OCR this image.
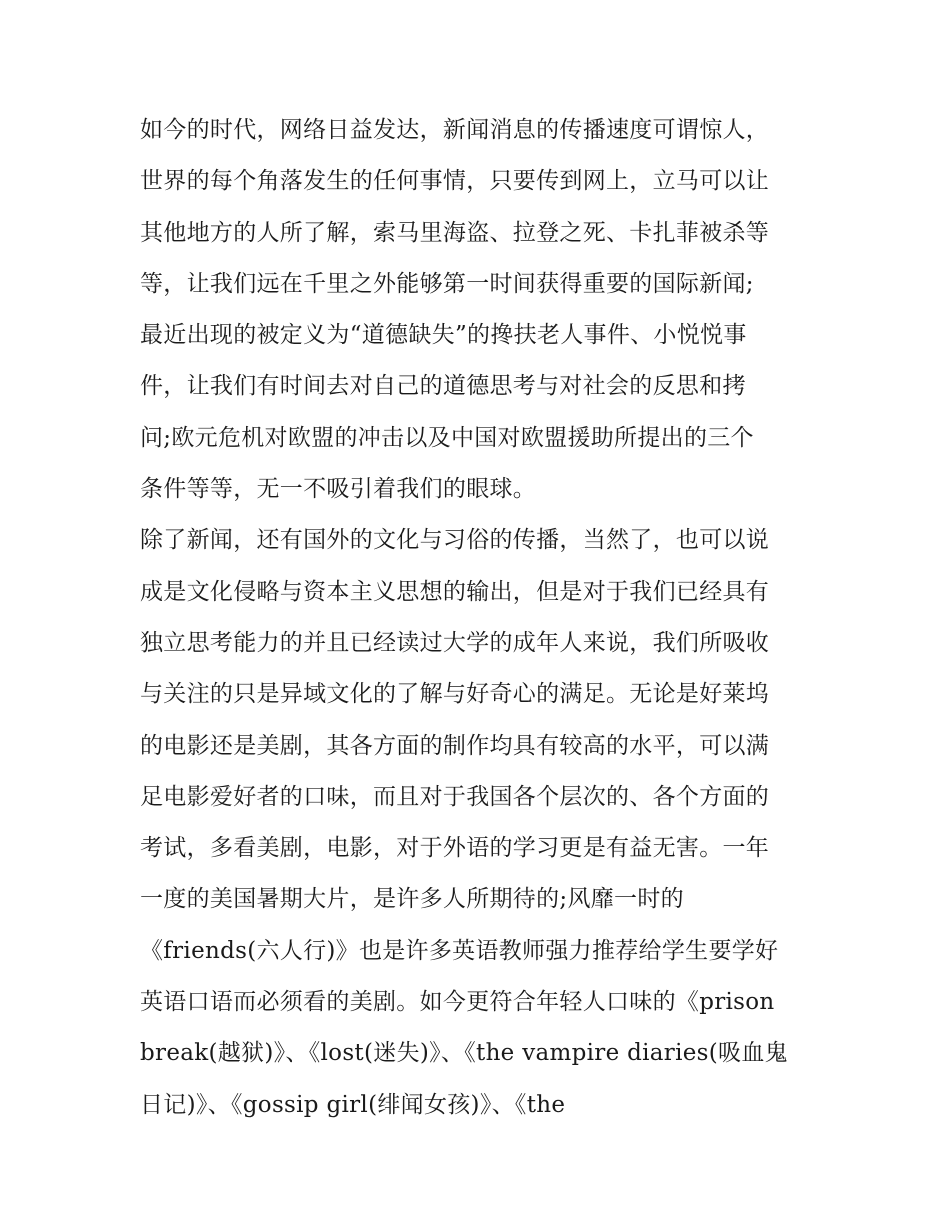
如今的时代，网络日益发达，新闻消息的传播速度可谓惊人，
世界的每个角落发生的任何事情，只要传到网上，立马可以让
其他地方的人所了解，索马里海盗、拉登之死、卡扎菲被杀等
等，让我们远在千里之外能够第一时间获得重要的国际新闻;
最近出现的被定义为“道德缺失”的搀扶老人事件、小悦悦事
件，让我们有时间去对自己的道德思考与对社会的反思和拷
问;欧元危机对欧盟的冲击以及中国对欧盟援助所提出的三个
条件等等，无一不吸引着我们的眼球。
除了新闻，还有国外的文化与习俗的传播，当然了，也可以说
成是文化侵略与资本主义思想的输出，但是对于我们已经具有
独立思考能力的并且已经读过大学的成年人来说，我们所吸收
与关注的只是异域文化的了解与好奇心的满足。无论是好莱坞
的电影还是美剧，其各方面的制作均具有较高的水平，可以满
足电影爱好者的口味，而且对于我国各个层次的、各个方面的
考试，多看美剧，电影，对于外语的学习更是有益无害。一年
一度的美国暑期大片，是许多人所期待的;风靡一时的
《friends(六人行)》也是许多英语教师强力推荐给学生要学好
英语口语而必须看的美剧。如今更符合年轻人口味的《prison
break(越狱)》、《lost(迷失)》、《the vampire diaries(吸血鬼
日记)》、《gossip girl(绯闻女孩)》、《the
